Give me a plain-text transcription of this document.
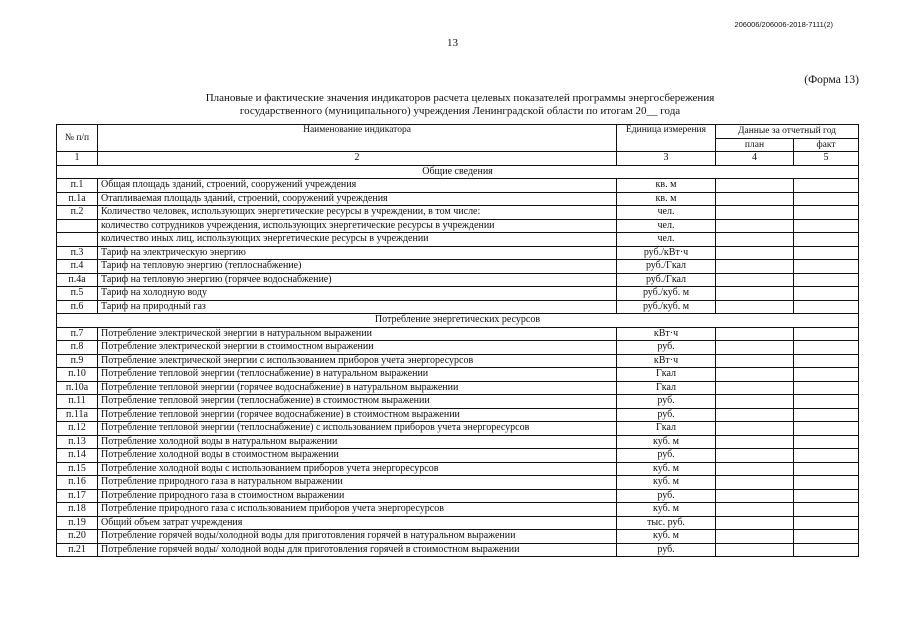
206006/206006-2018-7111(2)
13
(Форма 13)
Плановые и фактические значения индикаторов расчета целевых показателей программы энергосбережения
государственного (муниципального) учреждения Ленинградской области по итогам 20__ года
№ п/п	Наименование индикатора	Единица измерения	Данные за отчетный год	
			план	факт
1	2	3	4	5
Общие сведения				
п.1	Общая площадь зданий, строений, сооружений учреждения	кв. м		
п.1а	Отапливаемая площадь зданий, строений, сооружений учреждения	кв. м		
п.2	Количество человек, использующих энергетические ресурсы в учреждении, в том числе:	чел.		
	количество сотрудников учреждения, использующих энергетические ресурсы в учреждении	чел.		
	количество иных лиц, использующих энергетические ресурсы в учреждении	чел.		
п.3	Тариф на электрическую энергию	руб./кВт·ч		
п.4	Тариф на тепловую энергию (теплоснабжение)	руб./Гкал		
п.4а	Тариф на тепловую энергию (горячее водоснабжение)	руб./Гкал		
п.5	Тариф на холодную воду	руб./куб. м		
п.6	Тариф на природный газ	руб./куб. м		
Потребление энергетических ресурсов				
п.7	Потребление электрической энергии в натуральном выражении	кВт·ч		
п.8	Потребление электрической энергии в стоимостном выражении	руб.		
п.9	Потребление электрической энергии с использованием приборов учета энергоресурсов	кВт·ч		
п.10	Потребление тепловой энергии (теплоснабжение) в натуральном выражении	Гкал		
п.10а	Потребление тепловой энергии (горячее водоснабжение) в натуральном выражении	Гкал		
п.11	Потребление тепловой энергии (теплоснабжение) в стоимостном выражении	руб.		
п.11а	Потребление тепловой энергии (горячее водоснабжение) в стоимостном выражении	руб.		
п.12	Потребление тепловой энергии (теплоснабжение) с использованием приборов учета энергоресурсов	Гкал		
п.13	Потребление холодной воды в натуральном выражении	куб. м		
п.14	Потребление холодной воды в стоимостном выражении	руб.		
п.15	Потребление холодной воды с использованием приборов учета энергоресурсов	куб. м		
п.16	Потребление природного газа в натуральном выражении	куб. м		
п.17	Потребление природного газа в стоимостном выражении	руб.		
п.18	Потребление природного газа с использованием приборов учета энергоресурсов	куб. м		
п.19	Общий объем затрат учреждения	тыс. руб.		
п.20	Потребление горячей воды/холодной воды для приготовления горячей в натуральном выражении	куб. м		
п.21	Потребление горячей воды/ холодной воды для приготовления горячей в стоимостном выражении	руб.		
